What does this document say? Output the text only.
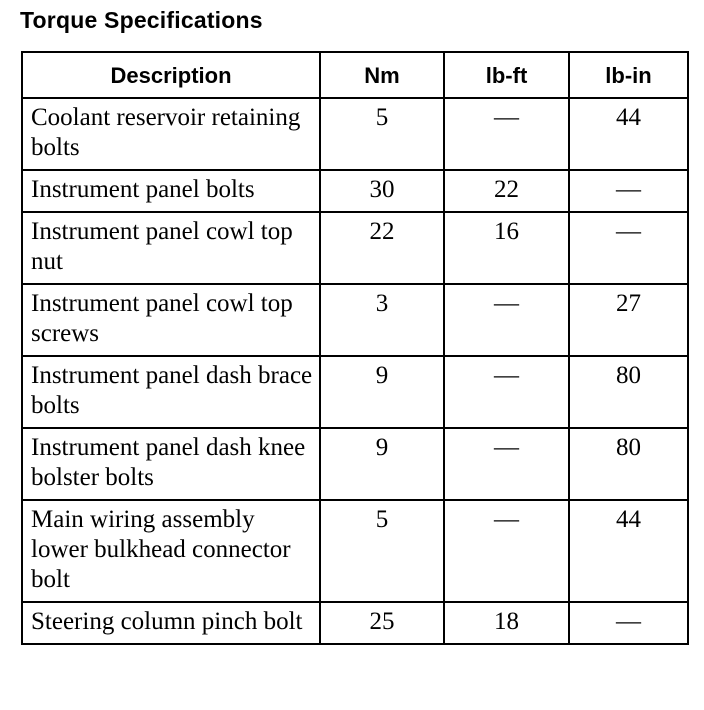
Torque Specifications
Description	Nm	lb-ft	lb-in
Coolant reservoir retaining bolts	5	—	44
Instrument panel bolts	30	22	—
Instrument panel cowl top nut	22	16	—
Instrument panel cowl top screws	3	—	27
Instrument panel dash brace bolts	9	—	80
Instrument panel dash knee bolster bolts	9	—	80
Main wiring assembly lower bulkhead connector bolt	5	—	44
Steering column pinch bolt	25	18	—
